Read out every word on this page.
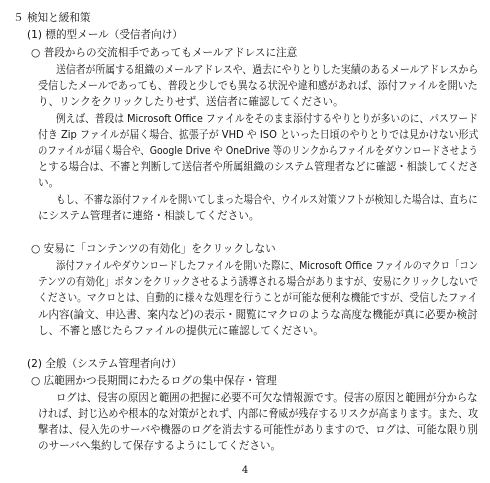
５ 検知と緩和策
(1) 標的型メール（受信者向け）
○ 普段からの交流相手であってもメールアドレスに注意
送信者が所属する組織のメールアドレスや、過去にやりとりした実績のあるメールアドレスから
受信したメールであっても、普段と少しでも異なる状況や違和感があれば、添付ファイルを開いた
り、リンクをクリックしたりせず、送信者に確認してください。
例えば、普段は Microsoft Office ファイルをそのまま添付するやりとりが多いのに、パスワード
付き Zip ファイルが届く場合、拡張子が VHD や ISO といった日頃のやりとりでは見かけない形式
のファイルが届く場合や、Google Drive や OneDrive 等のリンクからファイルをダウンロードさせよう
とする場合は、不審と判断して送信者や所属組織のシステム管理者などに確認・相談してくださ
い。
もし、不審な添付ファイルを開いてしまった場合や、ウイルス対策ソフトが検知した場合は、直ちに
にシステム管理者に連絡・相談してください。
○ 安易に「コンテンツの有効化」をクリックしない
添付ファイルやダウンロードしたファイルを開いた際に、Microsoft Office ファイルのマクロ「コン
テンツの有効化」ボタンをクリックさせるよう誘導される場合がありますが、安易にクリックしないで
ください。マクロとは、自動的に様々な処理を行うことが可能な便利な機能ですが、受信したファイ
ル内容(論文、申込書、案内など)の表示・閲覧にマクロのような高度な機能が真に必要か検討
し、不審と感じたらファイルの提供元に確認してください。
(2) 全般（システム管理者向け）
○ 広範囲かつ長期間にわたるログの集中保存・管理
ログは、侵害の原因と範囲の把握に必要不可欠な情報源です。侵害の原因と範囲が分からな
ければ、封じ込めや根本的な対策がとれず、内部に脅威が残存するリスクが高まります。また、攻
撃者は、侵入先のサーバや機器のログを消去する可能性がありますので、ログは、可能な限り別
のサーバへ集約して保存するようにしてください。
4
